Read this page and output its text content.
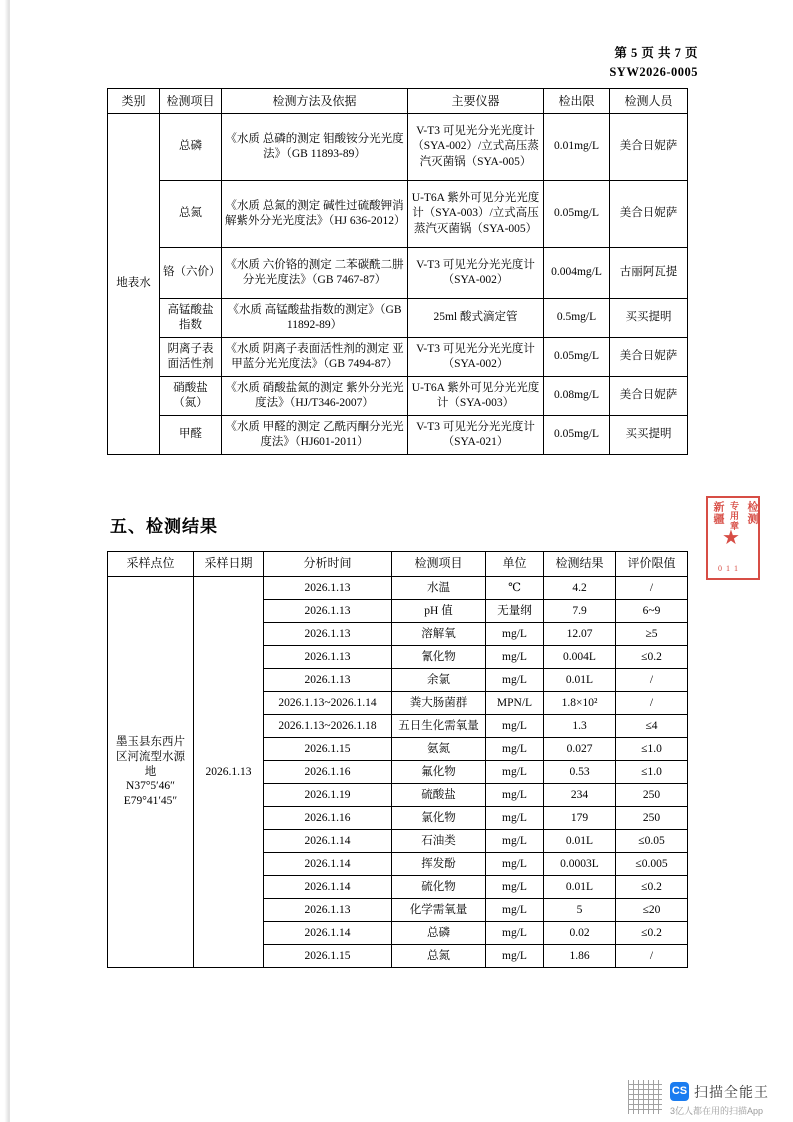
第 5 页 共 7 页
SYW2026-0005
类别	检测项目	检测方法及依据	主要仪器	检出限	检测人员
地表水	总磷	《水质 总磷的测定 钼酸铵分光光度法》（GB 11893-89）	V-T3 可见光分光光度计（SYA-002）/立式高压蒸汽灭菌锅（SYA-005）	0.01mg/L	美合日妮萨
	总氮	《水质 总氮的测定 碱性过硫酸钾消解紫外分光光度法》（HJ 636-2012）	U-T6A 紫外可见分光光度计（SYA-003）/立式高压蒸汽灭菌锅（SYA-005）	0.05mg/L	美合日妮萨
	铬（六价）	《水质 六价铬的测定 二苯碳酰二肼分光光度法》（GB 7467-87）	V-T3 可见光分光光度计（SYA-002）	0.004mg/L	古丽阿瓦提
	高锰酸盐指数	《水质 高锰酸盐指数的测定》（GB 11892-89）	25ml 酸式滴定管	0.5mg/L	买买提明
	阴离子表面活性剂	《水质 阴离子表面活性剂的测定 亚甲蓝分光光度法》（GB 7494-87）	V-T3 可见光分光光度计（SYA-002）	0.05mg/L	美合日妮萨
	硝酸盐（氮）	《水质 硝酸盐氮的测定 紫外分光光度法》（HJ/T346-2007）	U-T6A 紫外可见分光光度计（SYA-003）	0.08mg/L	美合日妮萨
	甲醛	《水质 甲醛的测定 乙酰丙酮分光光度法》（HJ601-2011）	V-T3 可见光分光光度计（SYA-021）	0.05mg/L	买买提明
五、检测结果
采样点位	采样日期	分析时间	检测项目	单位	检测结果	评价限值
墨玉县东西片区河流型水源地
N37°5′46″
E79°41′45″	2026.1.13	2026.1.13	水温	℃	4.2	/
		2026.1.13	pH 值	无量纲	7.9	6~9
		2026.1.13	溶解氧	mg/L	12.07	≥5
		2026.1.13	氰化物	mg/L	0.004L	≤0.2
		2026.1.13	余氯	mg/L	0.01L	/
		2026.1.13~2026.1.14	粪大肠菌群	MPN/L	1.8×10²	/
		2026.1.13~2026.1.18	五日生化需氧量	mg/L	1.3	≤4
		2026.1.15	氨氮	mg/L	0.027	≤1.0
		2026.1.16	氟化物	mg/L	0.53	≤1.0
		2026.1.19	硫酸盐	mg/L	234	250
		2026.1.16	氯化物	mg/L	179	250
		2026.1.14	石油类	mg/L	0.01L	≤0.05
		2026.1.14	挥发酚	mg/L	0.0003L	≤0.005
		2026.1.14	硫化物	mg/L	0.01L	≤0.2
		2026.1.13	化学需氧量	mg/L	5	≤20
		2026.1.14	总磷	mg/L	0.02	≤0.2
		2026.1.15	总氮	mg/L	1.86	/
新疆 检测
专用章
★
0 1 1
CS 扫描全能王
3亿人都在用的扫描App
